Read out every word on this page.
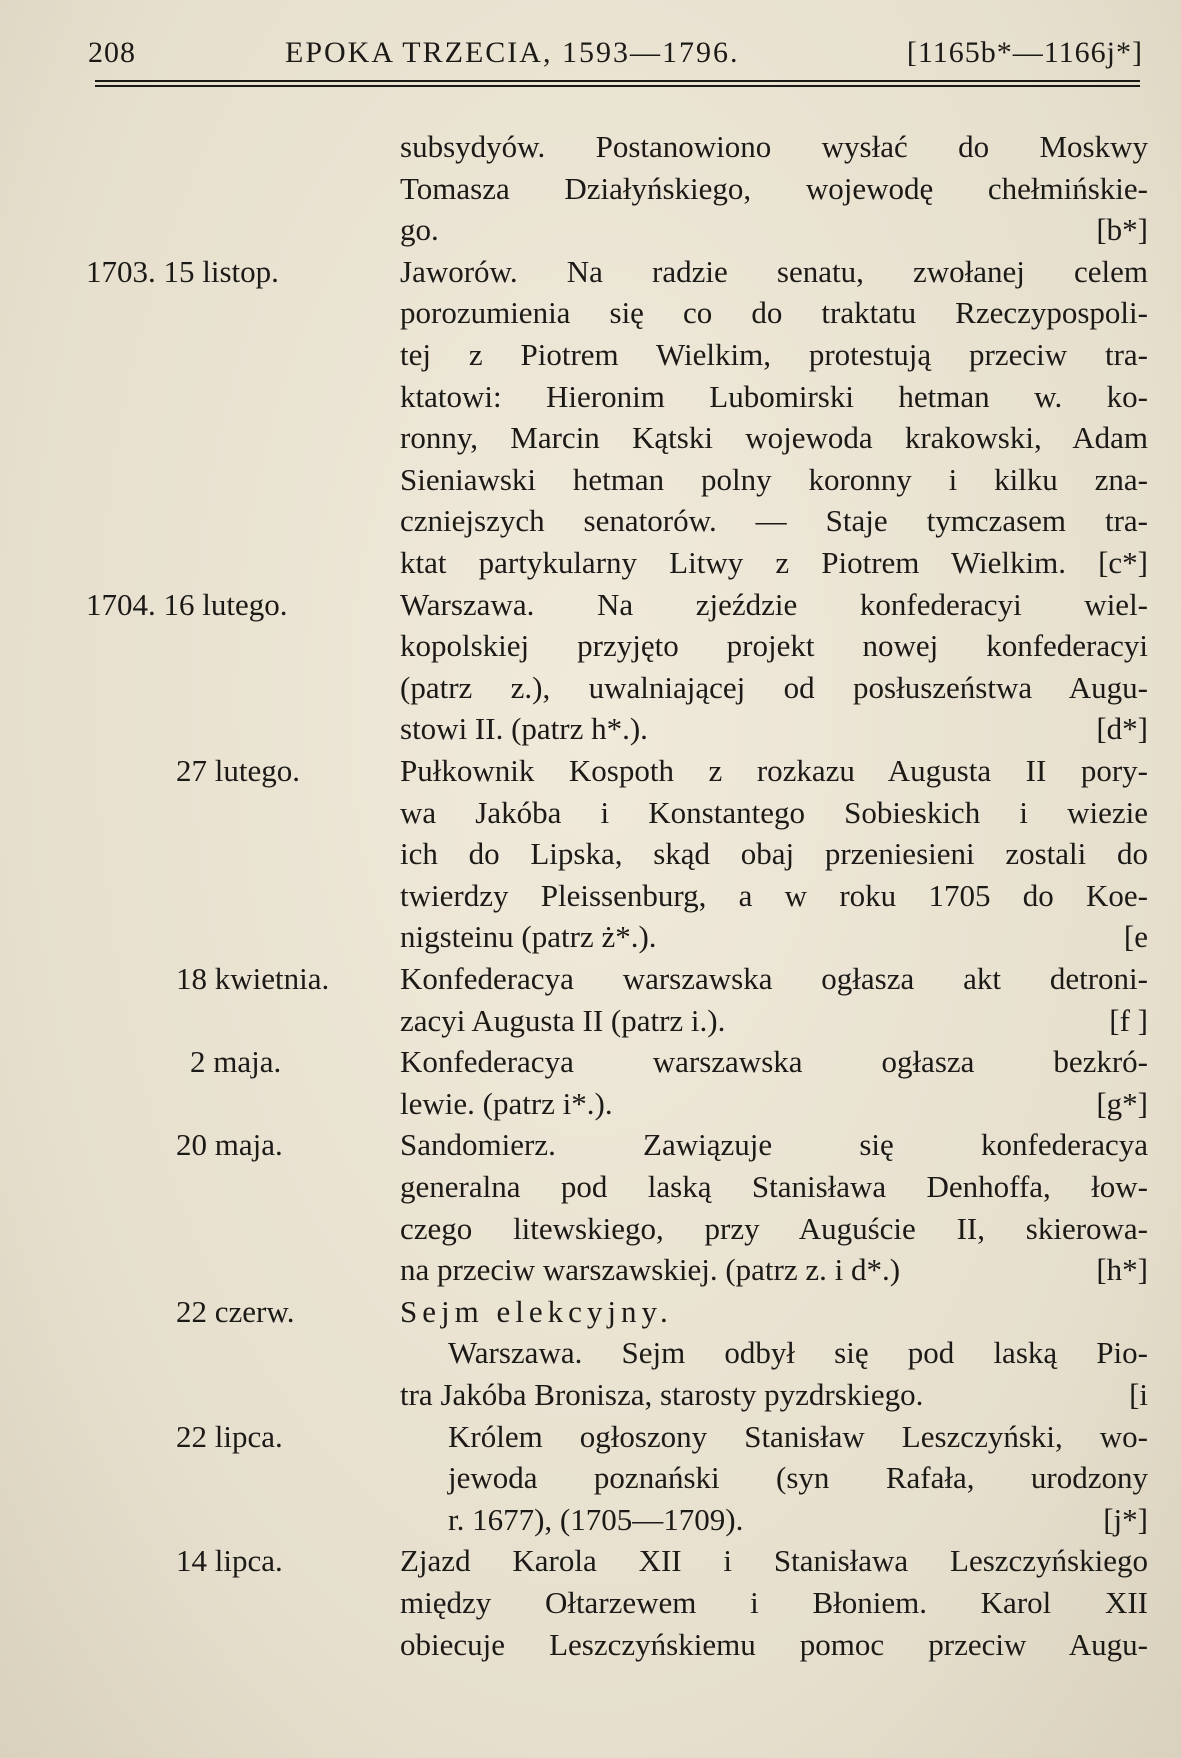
208	EPOKA TRZECIA, 1593—1796.	[1165b*—1166j*]
subsydyów. Postanowiono wysłać do Moskwy
Tomasza Działyńskiego, wojewodę chełmińskie-
go.	[b*]
1703. 15 listop.	Jaworów. Na radzie senatu, zwołanej celem
porozumienia się co do traktatu Rzeczypospoli-
tej z Piotrem Wielkim, protestują przeciw tra-
ktatowi: Hieronim Lubomirski hetman w. ko-
ronny, Marcin Kątski wojewoda krakowski, Adam
Sieniawski hetman polny koronny i kilku zna-
czniejszych senatorów. — Staje tymczasem tra-
ktat partykularny Litwy z Piotrem Wielkim. [c*]
1704. 16 lutego.	Warszawa. Na zjeździe konfederacyi wiel-
kopolskiej przyjęto projekt nowej konfederacyi
(patrz z.), uwalniającej od posłuszeństwa Augu-
stowi II. (patrz h*.).	[d*]
27 lutego.	Pułkownik Kospoth z rozkazu Augusta II pory-
wa Jakóba i Konstantego Sobieskich i wiezie
ich do Lipska, skąd obaj przeniesieni zostali do
twierdzy Pleissenburg, a w roku 1705 do Koe-
nigsteinu (patrz ż*.).	[e
18 kwietnia. Konfederacya warszawska ogłasza akt detroni-
zacyi Augusta II (patrz i.).	[f ]
2 maja.	Konfederacya warszawska ogłasza bezkró-
lewie. (patrz i*.).	[g*]
20 maja.	Sandomierz. Zawiązuje się konfederacya
generalna pod laską Stanisława Denhoffa, łow-
czego litewskiego, przy Auguście II, skierowa-
na przeciw warszawskiej. (patrz z. i d*.)	[h*]
22 czerw.	Sejm elekcyjny.
Warszawa. Sejm odbył się pod laską Pio-
tra Jakóba Bronisza, starosty pyzdrskiego.	[i
22 lipca.	Królem ogłoszony Stanisław Leszczyński, wo-
jewoda poznański (syn Rafała, urodzony
r. 1677), (1705—1709).	[j*]
14 lipca.	Zjazd Karola XII i Stanisława Leszczyńskiego
między Ołtarzewem i Błoniem. Karol XII
obiecuje Leszczyńskiemu pomoc przeciw Augu-
